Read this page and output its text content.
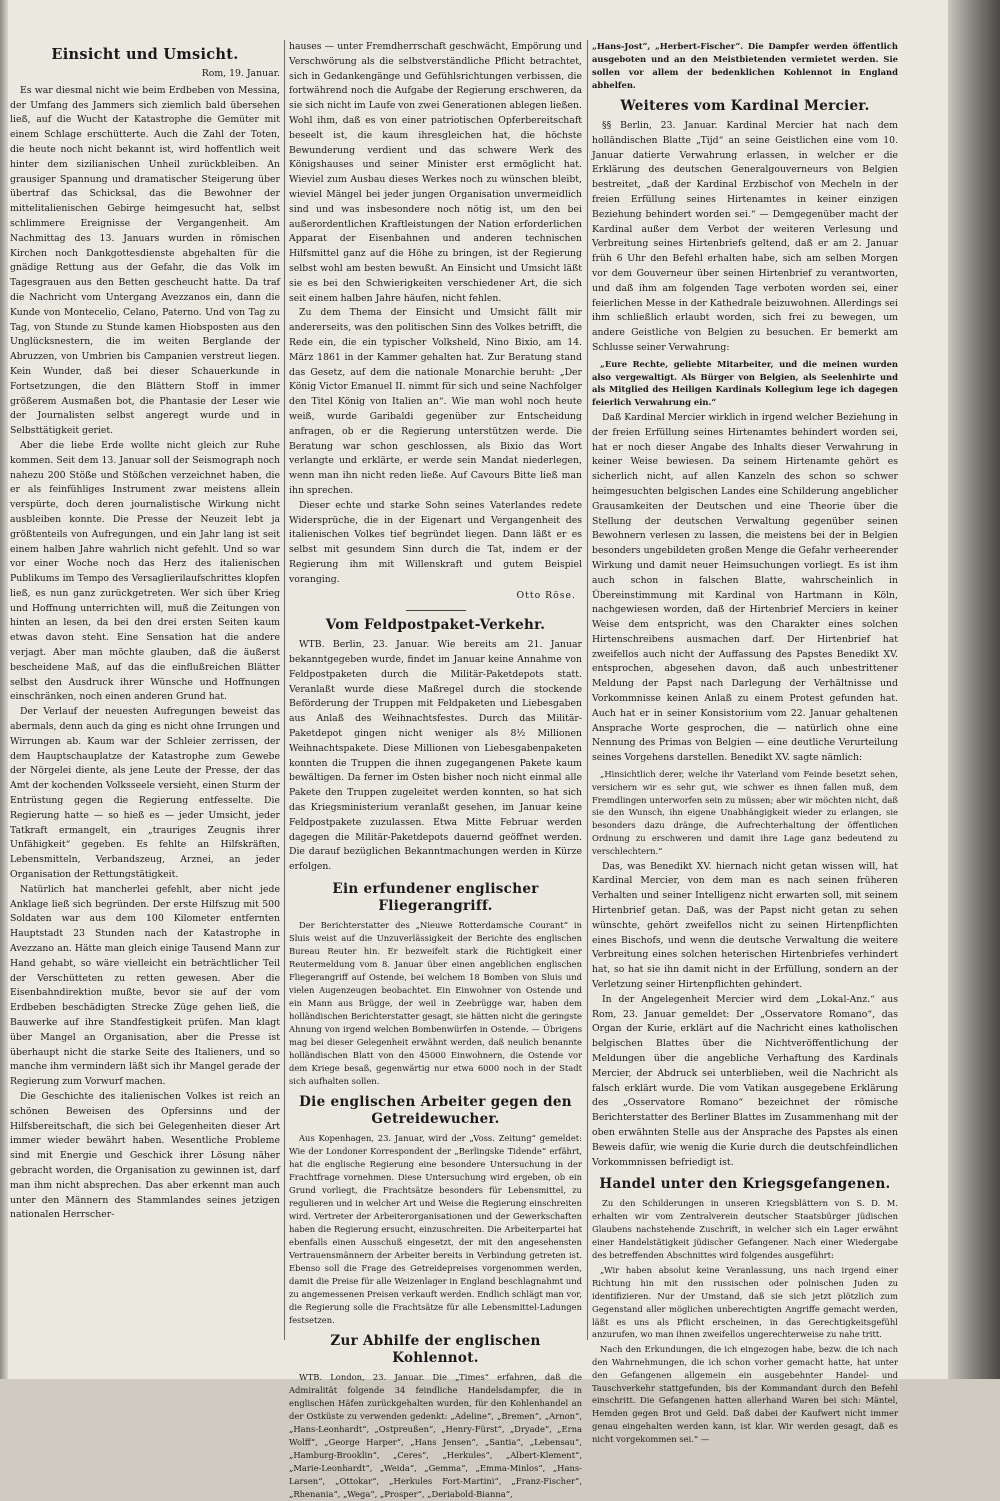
Einsicht und Umsicht.

Rom, 19. Januar.

Es war diesmal nicht wie beim Erdbeben von Messina, der Umfang des Jammers sich ziemlich bald übersehen ließ, auf die Wucht der Katastrophe die Gemüter mit einem Schlage erschütterte. Auch die Zahl der Toten, die heute noch nicht bekannt ist, wird hoffentlich weit hinter dem sizilianischen Unheil zurückbleiben. An grausiger Spannung und dramatischer Steigerung über übertraf das Schicksal, das die Bewohner der mittelitalienischen Gebirge heimgesucht hat, selbst schlimmere Ereignisse der Vergangenheit. Am Nachmittag des 13. Januars wurden in römischen Kirchen noch Dankgottesdienste abgehalten für die gnädige Rettung aus der Gefahr, die das Volk im Tagesgrauen aus den Betten gescheucht hatte. Da traf die Nachricht vom Untergang Avezzanos ein, dann die Kunde von Montecelio, Celano, Paterno. Und von Tag zu Tag, von Stunde zu Stunde kamen Hiobsposten aus den Unglücksnestern, die im weiten Berglande der Abruzzen, von Umbrien bis Campanien verstreut liegen. Kein Wunder, daß bei dieser Schauerkunde in Fortsetzungen, die den Blättern Stoff in immer größerem Ausmaßen bot, die Phantasie der Leser wie der Journalisten selbst angeregt wurde und in Selbsttätigkeit geriet.

Aber die liebe Erde wollte nicht gleich zur Ruhe kommen. Seit dem 13. Januar soll der Seismograph noch nahezu 200 Stöße und Stößchen verzeichnet haben, die er als feinfühliges Instrument zwar meistens allein verspürte, doch deren journalistische Wirkung nicht ausbleiben konnte. Die Presse der Neuzeit lebt ja größtenteils von Aufregungen, und ein Jahr lang ist seit einem halben Jahre wahrlich nicht gefehlt. Und so war vor einer Woche noch das Herz des italienischen Publikums im Tempo des Versaglierilaufschrittes klopfen ließ, es nun ganz zurückgetreten. Wer sich über Krieg und Hoffnung unterrichten will, muß die Zeitungen von hinten an lesen, da bei den drei ersten Seiten kaum etwas davon steht. Eine Sensation hat die andere verjagt. Aber man möchte glauben, daß die äußerst bescheidene Maß, auf das die einflußreichen Blätter selbst den Ausdruck ihrer Wünsche und Hoffnungen einschränken, noch einen anderen Grund hat.

Der Verlauf der neuesten Aufregungen beweist das abermals, denn auch da ging es nicht ohne Irrungen und Wirrungen ab. Kaum war der Schleier zerrissen, der dem Hauptschauplatze der Katastrophe zum Gewebe der Nörgelei diente, als jene Leute der Presse, der das Amt der kochenden Volksseele versieht, einen Sturm der Entrüstung gegen die Regierung entfesselte. Die Regierung hatte — so hieß es — jeder Umsicht, jeder Tatkraft ermangelt, ein „trauriges Zeugnis ihrer Unfähigkeit“ gegeben. Es fehlte an Hilfskräften, Lebensmitteln, Verbandszeug, Arznei, an jeder Organisation der Rettungstätigkeit.

Natürlich hat mancherlei gefehlt, aber nicht jede Anklage ließ sich begründen. Der erste Hilfszug mit 500 Soldaten war aus dem 100 Kilometer entfernten Hauptstadt 23 Stunden nach der Katastrophe in Avezzano an. Hätte man gleich einige Tausend Mann zur Hand gehabt, so wäre vielleicht ein beträchtlicher Teil der Verschütteten zu retten gewesen. Aber die Eisenbahndirektion mußte, bevor sie auf der vom Erdbeben beschädigten Strecke Züge gehen ließ, die Bauwerke auf ihre Standfestigkeit prüfen. Man klagt über Mangel an Organisation, aber die Presse ist überhaupt nicht die starke Seite des Italieners, und so manche ihm vermindern läßt sich ihr Mangel gerade der Regierung zum Vorwurf machen.

Die Geschichte des italienischen Volkes ist reich an schönen Beweisen des Opfersinns und der Hilfsbereitschaft, die sich bei Gelegenheiten dieser Art immer wieder bewährt haben. Wesentliche Probleme sind mit Energie und Geschick ihrer Lösung näher gebracht worden, die Organisation zu gewinnen ist, darf man ihm nicht absprechen. Das aber erkennt man auch unter den Männern des Stammlandes seines jetzigen nationalen Herrscher-

hauses — unter Fremdherrschaft geschwächt, Empörung und Verschwörung als die selbstverständliche Pflicht betrachtet, sich in Gedankengänge und Gefühlsrichtungen verbissen, die fortwährend noch die Aufgabe der Regierung erschweren, da sie sich nicht im Laufe von zwei Generationen ablegen ließen. Wohl ihm, daß es von einer patriotischen Opferbereitschaft beseelt ist, die kaum ihresgleichen hat, die höchste Bewunderung verdient und das schwere Werk des Königshauses und seiner Minister erst ermöglicht hat. Wieviel zum Ausbau dieses Werkes noch zu wünschen bleibt, wieviel Mängel bei jeder jungen Organisation unvermeidlich sind und was insbesondere noch nötig ist, um den bei außerordentlichen Kraftleistungen der Nation erforderlichen Apparat der Eisenbahnen und anderen technischen Hilfsmittel ganz auf die Höhe zu bringen, ist der Regierung selbst wohl am besten bewußt. An Einsicht und Umsicht läßt sie es bei den Schwierigkeiten verschiedener Art, die sich seit einem halben Jahre häufen, nicht fehlen.

Zu dem Thema der Einsicht und Umsicht fällt mir andererseits, was den politischen Sinn des Volkes betrifft, die Rede ein, die ein typischer Volksheld, Nino Bixio, am 14. März 1861 in der Kammer gehalten hat. Zur Beratung stand das Gesetz, auf dem die nationale Monarchie beruht: „Der König Victor Emanuel II. nimmt für sich und seine Nachfolger den Titel König von Italien an“. Wie man wohl noch heute weiß, wurde Garibaldi gegenüber zur Entscheidung anfragen, ob er die Regierung unterstützen werde. Die Beratung war schon geschlossen, als Bixio das Wort verlangte und erklärte, er werde sein Mandat niederlegen, wenn man ihn nicht reden ließe. Auf Cavours Bitte ließ man ihn sprechen.

Dieser echte und starke Sohn seines Vaterlandes redete Widersprüche, die in der Eigenart und Vergangenheit des italienischen Volkes tief begründet liegen. Dann läßt er es selbst mit gesundem Sinn durch die Tat, indem er der Regierung ihm mit Willenskraft und gutem Beispiel voranging.

Otto Röse.

Vom Feldpostpaket-Verkehr.

WTB. Berlin, 23. Januar. Wie bereits am 21. Januar bekanntgegeben wurde, findet im Januar keine Annahme von Feldpostpaketen durch die Militär-Paketdepots statt. Veranlaßt wurde diese Maßregel durch die stockende Beförderung der Truppen mit Feldpaketen und Liebesgaben aus Anlaß des Weihnachtsfestes. Durch das Militär-Paketdepot gingen nicht weniger als 8½ Millionen Weihnachtspakete. Diese Millionen von Liebesgabenpaketen konnten die Truppen die ihnen zugegangenen Pakete kaum bewältigen. Da ferner im Osten bisher noch nicht einmal alle Pakete den Truppen zugeleitet werden konnten, so hat sich das Kriegsministerium veranlaßt gesehen, im Januar keine Feldpostpakete zuzulassen. Etwa Mitte Februar werden dagegen die Militär-Paketdepots dauernd geöffnet werden. Die darauf bezüglichen Bekanntmachungen werden in Kürze erfolgen.

Ein erfundener englischer Fliegerangriff.

Der Berichterstatter des „Nieuwe Rotterdamsche Courant“ in Sluis weist auf die Unzuverlässigkeit der Berichte des englischen Bureau Reuter hin. Er bezweifelt stark die Richtigkeit einer Reutermeldung vom 8. Januar über einen angeblichen englischen Fliegerangriff auf Ostende, bei welchem 18 Bomben von Sluis und vielen Augenzeugen beobachtet. Ein Einwohner von Ostende und ein Mann aus Brügge, der weil in Zeebrügge war, haben dem holländischen Berichterstatter gesagt, sie hätten nicht die geringste Ahnung von irgend welchen Bombenwürfen in Ostende. — Übrigens mag bei dieser Gelegenheit erwähnt werden, daß neulich benannte holländischen Blatt von den 45000 Einwohnern, die Ostende vor dem Kriege besaß, gegenwärtig nur etwa 6000 noch in der Stadt sich aufhalten sollen.

Die englischen Arbeiter gegen den Getreidewucher.

Aus Kopenhagen, 23. Januar, wird der „Voss. Zeitung“ gemeldet: Wie der Londoner Korrespondent der „Berlingske Tidende“ erfährt, hat die englische Regierung eine besondere Untersuchung in der Frachtfrage vornehmen. Diese Untersuchung wird ergeben, ob ein Grund vorliegt, die Frachtsätze besonders für Lebensmittel, zu regulieren und in welcher Art und Weise die Regierung einschreiten wird. Vertreter der Arbeiterorganisationen und der Gewerkschaften haben die Regierung ersucht, einzuschreiten. Die Arbeiterpartei hat ebenfalls einen Ausschuß eingesetzt, der mit den angesehensten Vertrauensmännern der Arbeiter bereits in Verbindung getreten ist. Ebenso soll die Frage des Getreidepreises vorgenommen werden, damit die Preise für alle Weizenlager in England beschlagnahmt und zu angemessenen Preisen verkauft werden. Endlich schlägt man vor, die Regierung solle die Frachtsätze für alle Lebensmittel-Ladungen festsetzen.

Zur Abhilfe der englischen Kohlennot.

WTB. London, 23. Januar. Die „Times“ erfahren, daß die Admiralität folgende 34 feindliche Handelsdampfer, die in englischen Häfen zurückgehalten wurden, für den Kohlenhandel an der Ostküste zu verwenden gedenkt: „Adeline“, „Bremen“, „Arnon“, „Hans-Leonhardt“, „Ostpreußen“, „Henry-Fürst“, „Dryade“, „Erna Wolff“, „George Harper“, „Hans Jensen“, „Santia“, „Lebensau“, „Hamburg-Brooklin“, „Ceres“, „Herkules“, „Albert-Klement“, „Marie-Leonhardt“, „Weida“, „Gemma“, „Emma-Minlos“, „Hans-Larsen“, „Ottokar“, „Herkules Fort-Martini“, „Franz-Fischer“, „Rhenania“, „Wega“, „Prosper“, „Deriabold-Bianna“,

„Hans-Jost“, „Herbert-Fischer“. Die Dampfer werden öffentlich ausgeboten und an den Meistbietenden vermietet werden. Sie sollen vor allem der bedenklichen Kohlennot in England abhelfen.

Weiteres vom Kardinal Mercier.

§§ Berlin, 23. Januar. Kardinal Mercier hat nach dem holländischen Blatte „Tijd“ an seine Geistlichen eine vom 10. Januar datierte Verwahrung erlassen, in welcher er die Erklärung des deutschen Generalgouverneurs von Belgien bestreitet, „daß der Kardinal Erzbischof von Mecheln in der freien Erfüllung seines Hirtenamtes in keiner einzigen Beziehung behindert worden sei.“ — Demgegenüber macht der Kardinal außer dem Verbot der weiteren Verlesung und Verbreitung seines Hirtenbriefs geltend, daß er am 2. Januar früh 6 Uhr den Befehl erhalten habe, sich am selben Morgen vor dem Gouverneur über seinen Hirtenbrief zu verantworten, und daß ihm am folgenden Tage verboten worden sei, einer feierlichen Messe in der Kathedrale beizuwohnen. Allerdings sei ihm schließlich erlaubt worden, sich frei zu bewegen, um andere Geistliche von Belgien zu besuchen. Er bemerkt am Schlusse seiner Verwahrung:

„Eure Rechte, geliebte Mitarbeiter, und die meinen wurden also vergewaltigt. Als Bürger von Belgien, als Seelenhirte und als Mitglied des Heiligen Kardinals Kollegium lege ich dagegen feierlich Verwahrung ein.“

Daß Kardinal Mercier wirklich in irgend welcher Beziehung in der freien Erfüllung seines Hirtenamtes behindert worden sei, hat er noch dieser Angabe des Inhalts dieser Verwahrung in keiner Weise bewiesen. Da seinem Hirtenamte gehört es sicherlich nicht, auf allen Kanzeln des schon so schwer heimgesuchten belgischen Landes eine Schilderung angeblicher Grausamkeiten der Deutschen und eine Theorie über die Stellung der deutschen Verwaltung gegenüber seinen Bewohnern verlesen zu lassen, die meistens bei der in Belgien besonders ungebildeten großen Menge die Gefahr verheerender Wirkung und damit neuer Heimsuchungen vorliegt. Es ist ihm auch schon in falschen Blatte, wahrscheinlich in Übereinstimmung mit Kardinal von Hartmann in Köln, nachgewiesen worden, daß der Hirtenbrief Merciers in keiner Weise dem entspricht, was den Charakter eines solchen Hirtenschreibens ausmachen darf. Der Hirtenbrief hat zweifellos auch nicht der Auffassung des Papstes Benedikt XV. entsprochen, abgesehen davon, daß auch unbestrittener Meldung der Papst nach Darlegung der Verhältnisse und Vorkommnisse keinen Anlaß zu einem Protest gefunden hat. Auch hat er in seiner Konsistorium vom 22. Januar gehaltenen Ansprache Worte gesprochen, die — natürlich ohne eine Nennung des Primas von Belgien — eine deutliche Verurteilung seines Vorgehens darstellen. Benedikt XV. sagte nämlich:

„Hinsichtlich derer, welche ihr Vaterland vom Feinde besetzt sehen, versichern wir es sehr gut, wie schwer es ihnen fallen muß, dem Fremdlingen unterworfen sein zu müssen; aber wir möchten nicht, daß sie den Wunsch, ihn eigene Unabhängigkeit wieder zu erlangen, sie besonders dazu dränge, die Aufrechterhaltung der öffentlichen Ordnung zu erschweren und damit ihre Lage ganz bedeutend zu verschlechtern.“

Das, was Benedikt XV. hiernach nicht getan wissen will, hat Kardinal Mercier, von dem man es nach seinen früheren Verhalten und seiner Intelligenz nicht erwarten soll, mit seinem Hirtenbrief getan. Daß, was der Papst nicht getan zu sehen wünschte, gehört zweifellos nicht zu seinen Hirtenpflichten eines Bischofs, und wenn die deutsche Verwaltung die weitere Verbreitung eines solchen heterischen Hirtenbriefes verhindert hat, so hat sie ihn damit nicht in der Erfüllung, sondern an der Verletzung seiner Hirtenpflichten gehindert.

In der Angelegenheit Mercier wird dem „Lokal-Anz.“ aus Rom, 23. Januar gemeldet: Der „Osservatore Romano“, das Organ der Kurie, erklärt auf die Nachricht eines katholischen belgischen Blattes über die Nichtveröffentlichung der Meldungen über die angebliche Verhaftung des Kardinals Mercier, der Abdruck sei unterblieben, weil die Nachricht als falsch erklärt wurde. Die vom Vatikan ausgegebene Erklärung des „Osservatore Romano“ bezeichnet der römische Berichterstatter des Berliner Blattes im Zusammenhang mit der oben erwähnten Stelle aus der Ansprache des Papstes als einen Beweis dafür, wie wenig die Kurie durch die deutschfeindlichen Vorkommnissen befriedigt ist.

Handel unter den Kriegsgefangenen.

Zu den Schilderungen in unseren Kriegsblättern von S. D. M. erhalten wir vom Zentralverein deutscher Staatsbürger jüdischen Glaubens nachstehende Zuschrift, in welcher sich ein Lager erwähnt einer Handelstätigkeit jüdischer Gefangener. Nach einer Wiedergabe des betreffenden Abschnittes wird folgendes ausgeführt:

„Wir haben absolut keine Veranlassung, uns nach irgend einer Richtung hin mit den russischen oder polnischen Juden zu identifizieren. Nur der Umstand, daß sie sich jetzt plötzlich zum Gegenstand aller möglichen unberechtigten Angriffe gemacht werden, läßt es uns als Pflicht erscheinen, in das Gerechtigkeitsgefühl anzurufen, wo man ihnen zweifellos ungerechterweise zu nahe tritt.

Nach den Erkundungen, die ich eingezogen habe, bezw. die ich nach den Wahrnehmungen, die ich schon vorher gemacht hatte, hat unter den Gefangenen allgemein ein ausgebehnter Handel- und Tauschverkehr stattgefunden, bis der Kommandant durch den Befehl einschritt. Die Gefangenen hatten allerhand Waren bei sich: Mäntel, Hemden gegen Brot und Geld. Daß dabei der Kaufwert nicht immer genau eingehalten werden kann, ist klar. Wir werden gesagt, daß es nicht vorgekommen sei.“ —
